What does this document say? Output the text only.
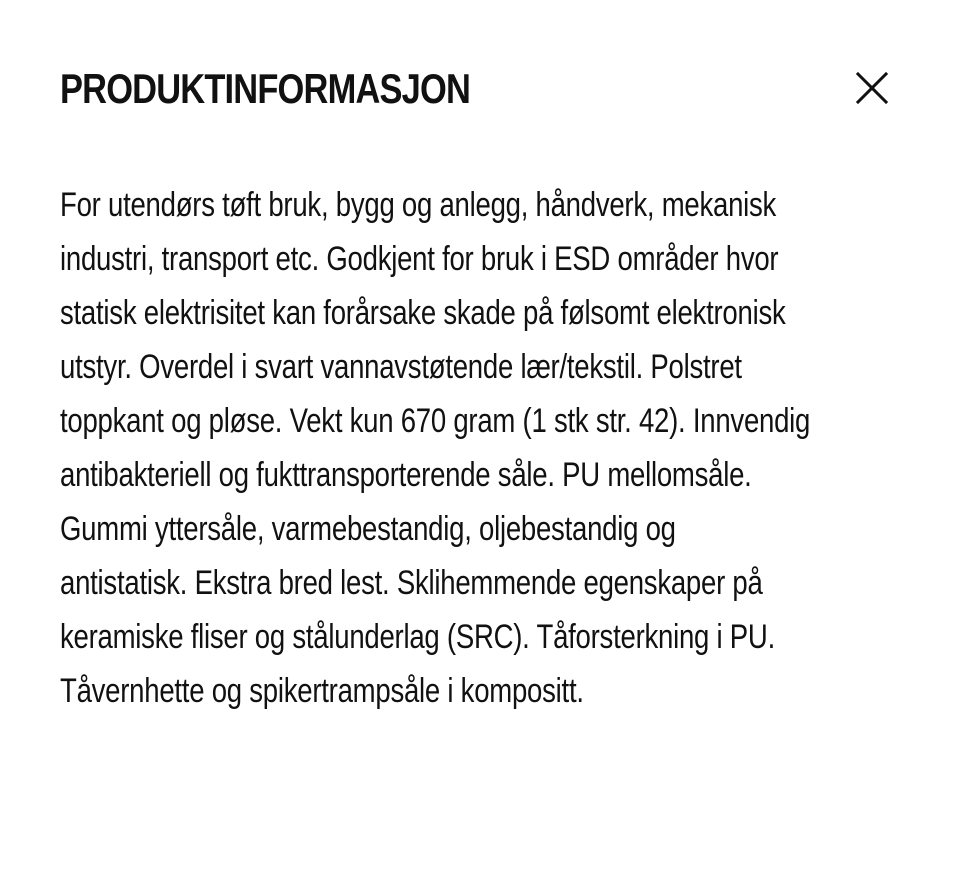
PRODUKTINFORMASJON

For utendørs tøft bruk, bygg og anlegg, håndverk, mekanisk
industri, transport etc. Godkjent for bruk i ESD områder hvor
statisk elektrisitet kan forårsake skade på følsomt elektronisk
utstyr. Overdel i svart vannavstøtende lær/tekstil. Polstret
toppkant og pløse. Vekt kun 670 gram (1 stk str. 42). Innvendig
antibakteriell og fukttransporterende såle. PU mellomsåle.
Gummi yttersåle, varmebestandig, oljebestandig og
antistatisk. Ekstra bred lest. Sklihemmende egenskaper på
keramiske fliser og stålunderlag (SRC). Tåforsterkning i PU.
Tåvernhette og spikertrampsåle i kompositt.
